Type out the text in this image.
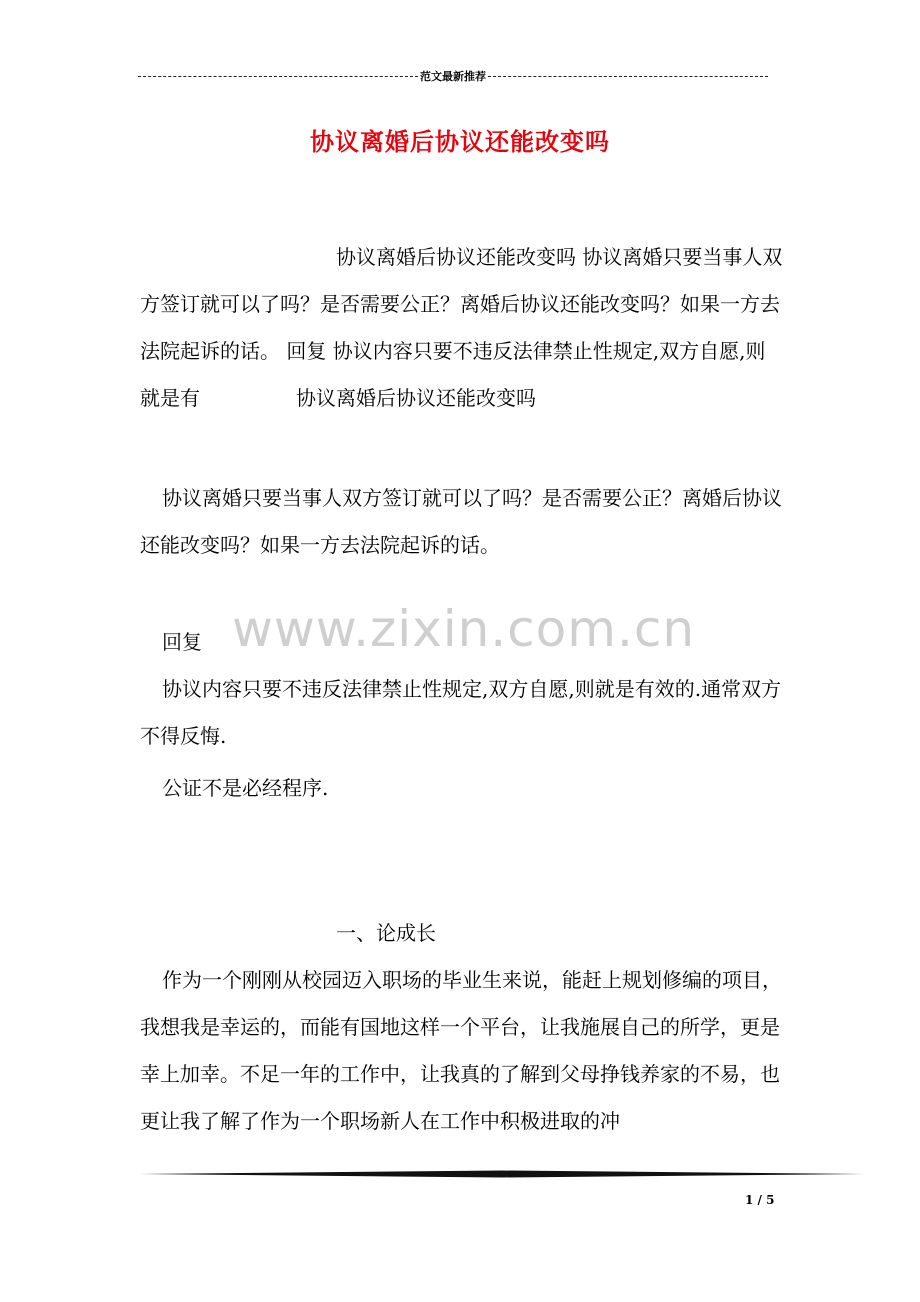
范文最新推荐
协议离婚后协议还能改变吗

协议离婚后协议还能改变吗 协议离婚只要当事人双方签订就可以了吗？是否需要公正？离婚后协议还能改变吗？如果一方去法院起诉的话。 回复 协议内容只要不违反法律禁止性规定,双方自愿,则就是有	协议离婚后协议还能改变吗

协议离婚只要当事人双方签订就可以了吗？是否需要公正？离婚后协议还能改变吗？如果一方去法院起诉的话。

www.zixin.com.cn

回复

协议内容只要不违反法律禁止性规定,双方自愿,则就是有效的.通常双方不得反悔.

公证不是必经程序.

一、论成长

作为一个刚刚从校园迈入职场的毕业生来说，能赶上规划修编的项目，我想我是幸运的，而能有国地这样一个平台，让我施展自己的所学，更是幸上加幸。不足一年的工作中，让我真的了解到父母挣钱养家的不易，也更让我了解了作为一个职场新人在工作中积极进取的冲

1 / 5
